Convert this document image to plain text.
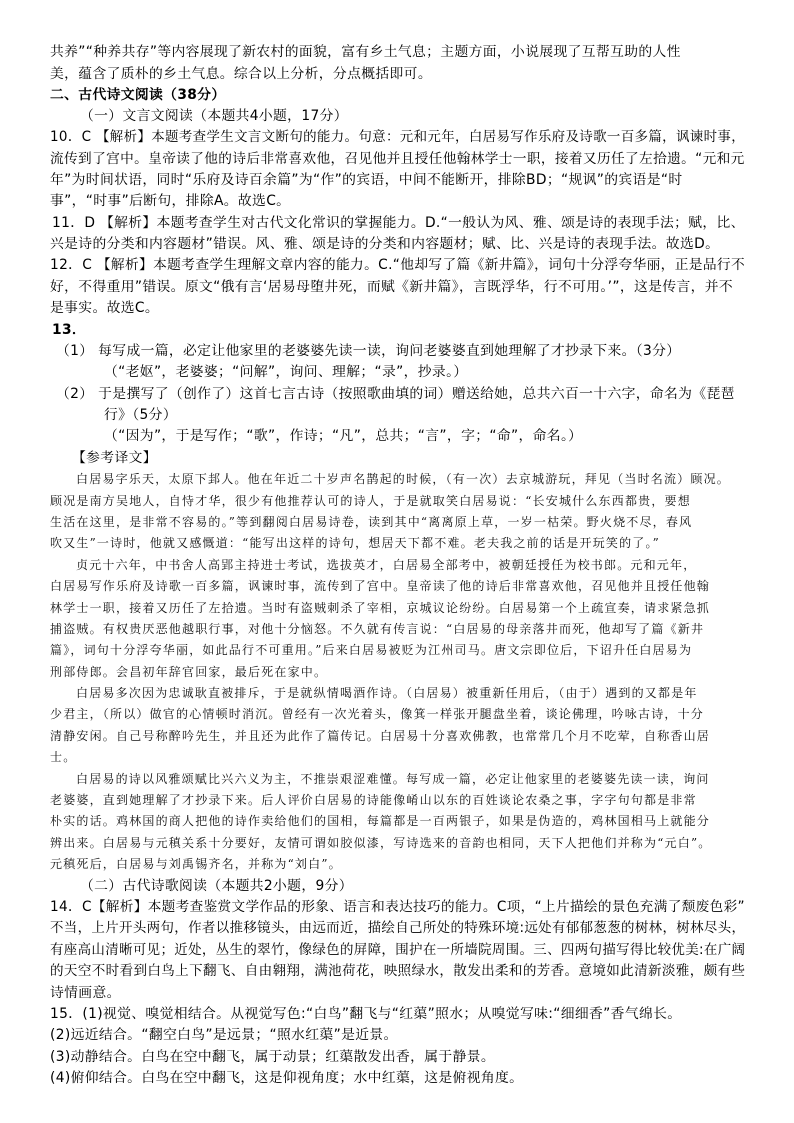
共养”“种养共存”等内容展现了新农村的面貌，富有乡土气息；主题方面，小说展现了互帮互助的人性
美，蕴含了质朴的乡土气息。综合以上分析，分点概括即可。
二、古代诗文阅读（38分）
（一）文言文阅读（本题共4小题，17分）
10．C 【解析】本题考查学生文言文断句的能力。句意：元和元年，白居易写作乐府及诗歌一百多篇，讽谏时事，
流传到了宫中。皇帝读了他的诗后非常喜欢他，召见他并且授任他翰林学士一职，接着又历任了左拾遗。“元和元
年”为时间状语，同时“乐府及诗百余篇”为“作”的宾语，中间不能断开，排除BD；“规讽”的宾语是“时
事”，“时事”后断句，排除A。故选C。
11．D 【解析】本题考查学生对古代文化常识的掌握能力。D.“一般认为风、雅、颂是诗的表现手法；赋，比、
兴是诗的分类和内容题材”错误。风、雅、颂是诗的分类和内容题材；赋、比、兴是诗的表现手法。故选D。
12．C 【解析】本题考查学生理解文章内容的能力。C.“他却写了篇《新井篇》，词句十分浮夸华丽，正是品行不
好，不得重用”错误。原文“俄有言‘居易母堕井死，而赋《新井篇》，言既浮华，行不可用。’”，这是传言，并不
是事实。故选C。
13．
（1） 每写成一篇，必定让他家里的老婆婆先读一读，询问老婆婆直到她理解了才抄录下来。（3分）
（“老妪”，老婆婆；“问解”，询问、理解；“录”，抄录。）
（2） 于是撰写了（创作了）这首七言古诗（按照歌曲填的词）赠送给她，总共六百一十六字，命名为《琵琶
行》（5分）
（“因为”，于是写作；“歌”，作诗；“凡”，总共；“言”，字；“命”，命名。）
【参考译文】
白居易字乐天，太原下邽人。他在年近二十岁声名鹊起的时候，（有一次）去京城游玩，拜见（当时名流）顾况。
顾况是南方吴地人，自恃才华，很少有他推荐认可的诗人，于是就取笑白居易说：“长安城什么东西都贵，要想
生活在这里，是非常不容易的。”等到翻阅白居易诗卷，读到其中“离离原上草，一岁一枯荣。野火烧不尽，春风
吹又生”一诗时，他就又感慨道：“能写出这样的诗句，想居天下都不难。老夫我之前的话是开玩笑的了。”
贞元十六年，中书舍人高郢主持进士考试，选拔英才，白居易全部考中，被朝廷授任为校书郎。元和元年，
白居易写作乐府及诗歌一百多篇，讽谏时事，流传到了宫中。皇帝读了他的诗后非常喜欢他，召见他并且授任他翰
林学士一职，接着又历任了左拾遗。当时有盗贼刺杀了宰相，京城议论纷纷。白居易第一个上疏宣奏，请求紧急抓
捕盗贼。有权贵厌恶他越职行事，对他十分恼怒。不久就有传言说：“白居易的母亲落井而死，他却写了篇《新井
篇》，词句十分浮夸华丽，如此品行不可重用。”后来白居易被贬为江州司马。唐文宗即位后，下诏升任白居易为
刑部侍郎。会昌初年辞官回家，最后死在家中。
白居易多次因为忠诚耿直被排斥，于是就纵情喝酒作诗。（白居易）被重新任用后，（由于）遇到的又都是年
少君主，（所以）做官的心情顿时消沉。曾经有一次光着头，像箕一样张开腿盘坐着，谈论佛理，吟咏古诗，十分
清静安闲。自己号称醉吟先生，并且还为此作了篇传记。白居易十分喜欢佛教，也常常几个月不吃荤，自称香山居
士。
白居易的诗以风雅颂赋比兴六义为主，不推崇艰涩难懂。每写成一篇，必定让他家里的老婆婆先读一读，询问
老婆婆，直到她理解了才抄录下来。后人评价白居易的诗能像崤山以东的百姓谈论农桑之事，字字句句都是非常
朴实的话。鸡林国的商人把他的诗作卖给他们的国相，每篇都是一百两银子，如果是伪造的，鸡林国相马上就能分
辨出来。白居易与元稹关系十分要好，友情可谓如胶似漆，写诗选来的音韵也相同，天下人把他们并称为“元白”。
元稹死后，白居易与刘禹锡齐名，并称为“刘白”。
（二）古代诗歌阅读（本题共2小题，9分）
14．C【解析】本题考查鉴赏文学作品的形象、语言和表达技巧的能力。C项，“上片描绘的景色充满了颓废色彩”
不当，上片开头两句，作者以推移镜头，由远而近，描绘自己所处的特殊环境:远处有郁郁葱葱的树林，树林尽头，
有座高山清晰可见；近处，丛生的翠竹，像绿色的屏障，围护在一所墙院周围。三、四两句描写得比较优美:在广阔
的天空不时看到白鸟上下翻飞、自由翱翔，满池荷花，映照绿水，散发出柔和的芳香。意境如此清新淡雅，颇有些
诗情画意。
15．(1)视觉、嗅觉相结合。从视觉写色:“白鸟”翻飞与“红蕖”照水；从嗅觉写味:“细细香”香气绵长。
(2)远近结合。“翻空白鸟”是远景；“照水红蕖”是近景。
(3)动静结合。白鸟在空中翻飞，属于动景；红蕖散发出香，属于静景。
(4)俯仰结合。白鸟在空中翻飞，这是仰视角度；水中红蕖，这是俯视角度。
